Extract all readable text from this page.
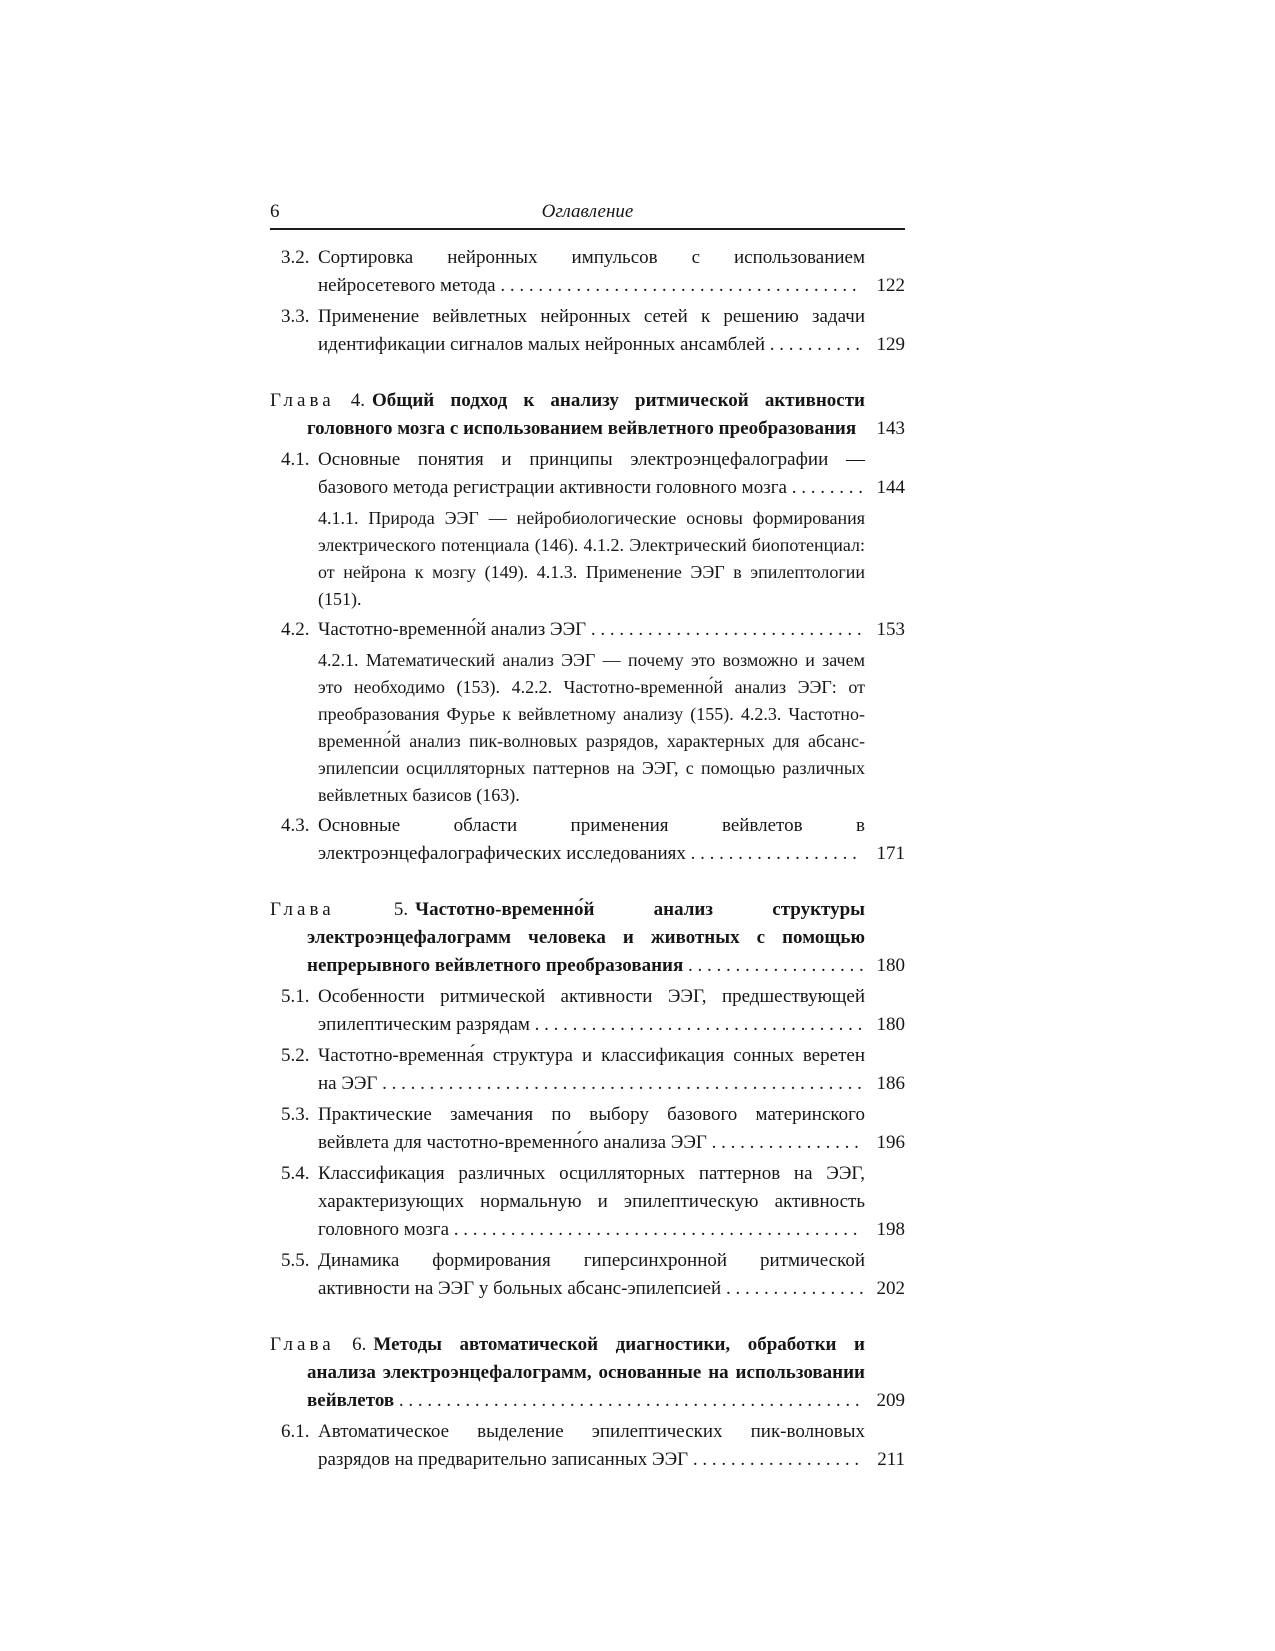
6	Оглавление
3.2. Сортировка нейронных импульсов с использованием нейросетевого метода . . . . . . . . . . . . . . . . . . . . . . . . . . . . . . . . . . . . . .	122
3.3. Применение вейвлетных нейронных сетей к решению задачи идентификации сигналов малых нейронных ансамблей . . . . . . . . . . 129
Глава 4. Общий подход к анализу ритмической активности головного мозга с использованием вейвлетного преобразования	143
4.1. Основные понятия и принципы электроэнцефалографии — базового метода регистрации активности головного мозга . . . . . . . . 144
4.1.1. Природа ЭЭГ — нейробиологические основы формирования электрического потенциала (146). 4.1.2. Электрический биопотенциал: от нейрона к мозгу (149). 4.1.3. Применение ЭЭГ в эпилептологии (151).
4.2. Частотно-временно́й анализ ЭЭГ . . . . . . . . . . . . . . . . . . . . . . . . . . . . . 153
4.2.1. Математический анализ ЭЭГ — почему это возможно и зачем это необходимо (153). 4.2.2. Частотно-временно́й анализ ЭЭГ: от преобразования Фурье к вейвлетному анализу (155). 4.2.3. Частотно-временно́й анализ пик-волновых разрядов, характерных для абсанс-эпилепсии осцилляторных паттернов на ЭЭГ, с помощью различных вейвлетных базисов (163).
4.3. Основные области применения вейвлетов в электроэнцефалографических исследованиях . . . . . . . . . . . . . . . . . .	171
Глава	5. Частотно-временно́й анализ структуры электроэнцефалограмм человека и животных с помощью непрерывного вейвлетного преобразования . . . . . . . . . . . . . . . . . . . 180
5.1. Особенности ритмической активности ЭЭГ, предшествующей эпилептическим разрядам . . . . . . . . . . . . . . . . . . . . . . . . . . . . . . . . . . . 180
5.2. Частотно-временна́я структура и классификация сонных веретен на ЭЭГ . . . . . . . . . . . . . . . . . . . . . . . . . . . . . . . . . . . . . . . . . . . . . . . . . . . 186
5.3. Практические замечания по выбору базового материнского вейвлета для частотно-временно́го анализа ЭЭГ . . . . . . . . . . . . . . . . 196
5.4. Классификация различных осцилляторных паттернов на ЭЭГ, характеризующих нормальную и эпилептическую активность головного мозга . . . . . . . . . . . . . . . . . . . . . . . . . . . . . . . . . . . . . . . . . . . 198
5.5. Динамика формирования гиперсинхронной ритмической активности на ЭЭГ у больных абсанс-эпилепсией . . . . . . . . . . . . . . . 202
Глава 6. Методы автоматической диагностики, обработки и анализа электроэнцефалограмм, основанные на использовании вейвлетов . . . . . . . . . . . . . . . . . . . . . . . . . . . . . . . . . . . . . . . . . . . . . . . . . 209
6.1. Автоматическое выделение эпилептических пик-волновых разрядов на предварительно записанных ЭЭГ . . . . . . . . . . . . . . . . . . 211
